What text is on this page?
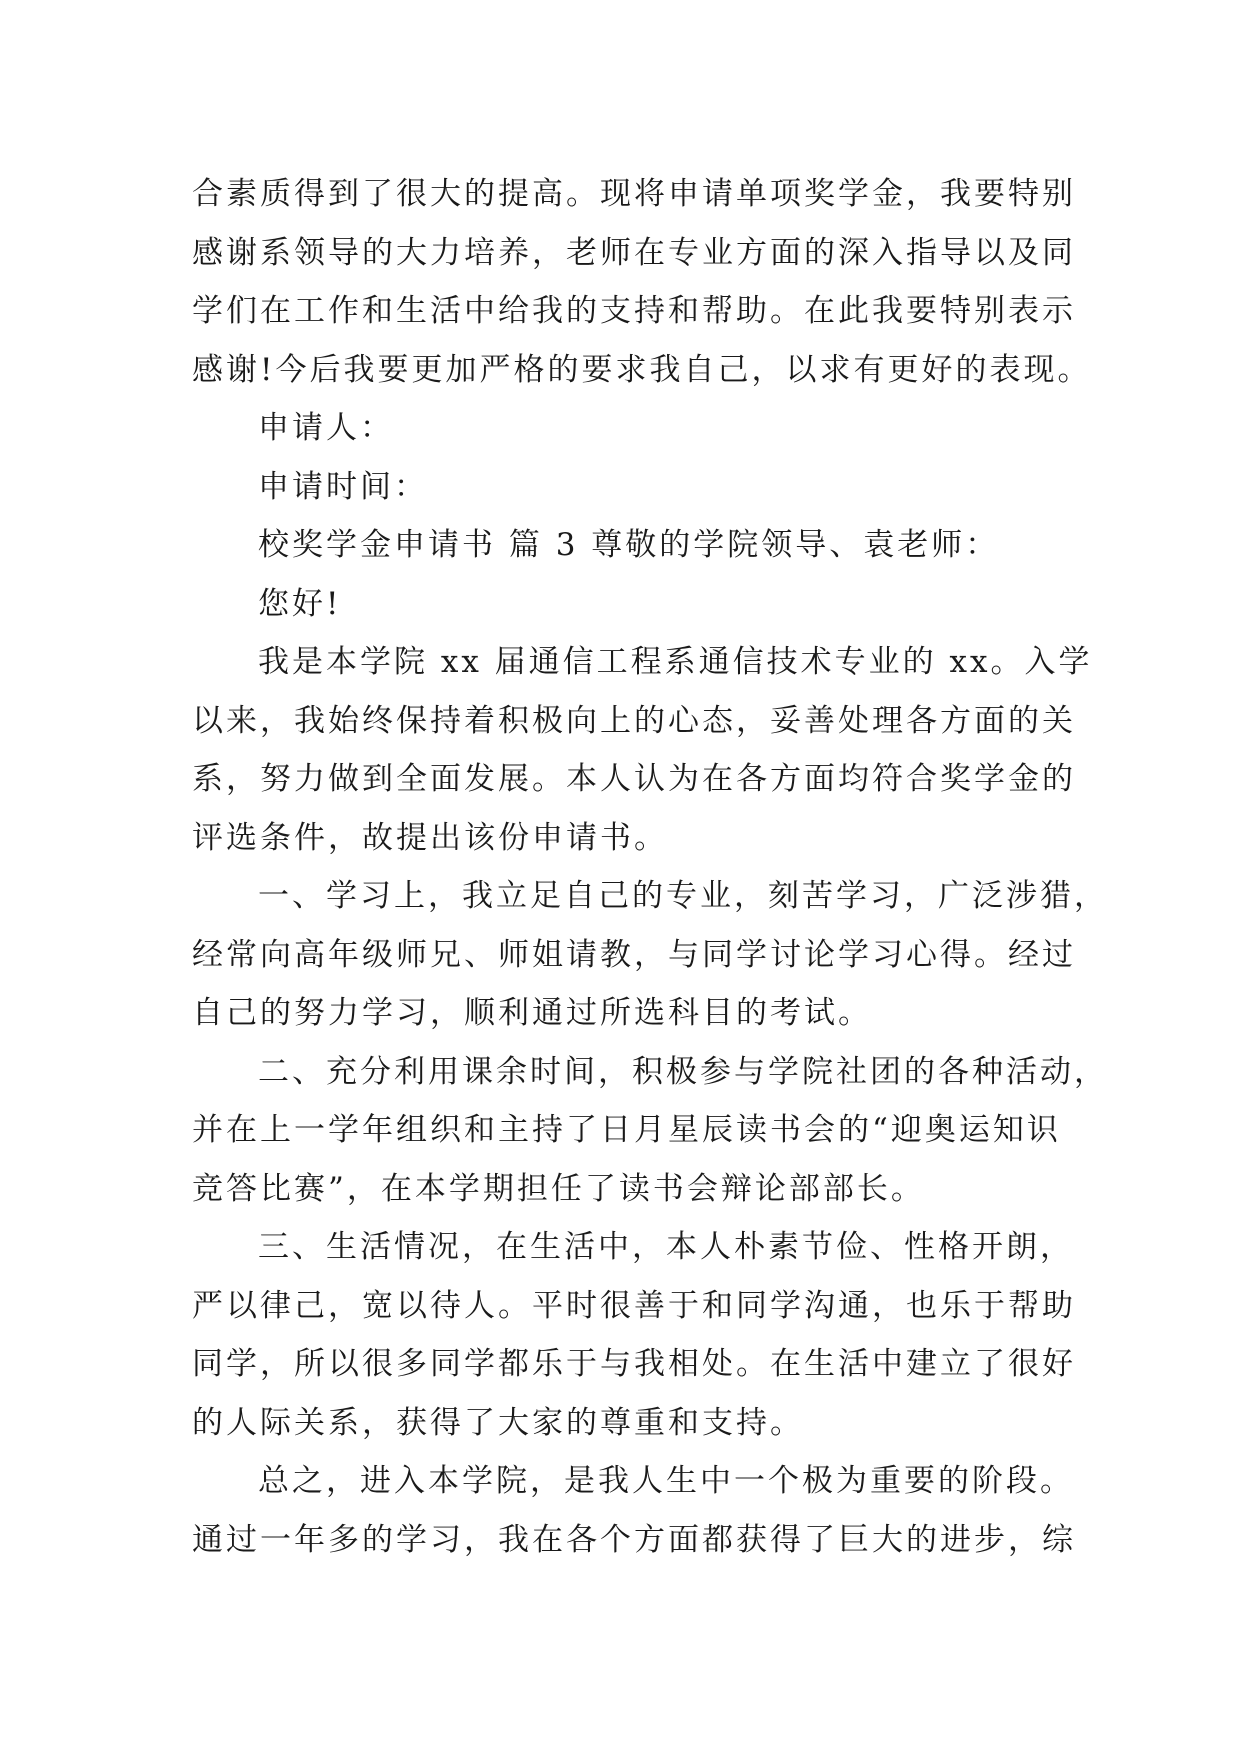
合素质得到了很大的提高。现将申请单项奖学金，我要特别
感谢系领导的大力培养，老师在专业方面的深入指导以及同
学们在工作和生活中给我的支持和帮助。在此我要特别表示
感谢!今后我要更加严格的要求我自己，以求有更好的表现。
申请人：
申请时间：
校奖学金申请书 篇 3 尊敬的学院领导、袁老师：
您好!
我是本学院 xx 届通信工程系通信技术专业的 xx。入学
以来，我始终保持着积极向上的心态，妥善处理各方面的关
系，努力做到全面发展。本人认为在各方面均符合奖学金的
评选条件，故提出该份申请书。
一、学习上，我立足自己的专业，刻苦学习，广泛涉猎，
经常向高年级师兄、师姐请教，与同学讨论学习心得。经过
自己的努力学习，顺利通过所选科目的考试。
二、充分利用课余时间，积极参与学院社团的各种活动，
并在上一学年组织和主持了日月星辰读书会的“迎奥运知识
竞答比赛”，在本学期担任了读书会辩论部部长。
三、生活情况，在生活中，本人朴素节俭、性格开朗，
严以律己，宽以待人。平时很善于和同学沟通，也乐于帮助
同学，所以很多同学都乐于与我相处。在生活中建立了很好
的人际关系，获得了大家的尊重和支持。
总之，进入本学院，是我人生中一个极为重要的阶段。
通过一年多的学习，我在各个方面都获得了巨大的进步，综
